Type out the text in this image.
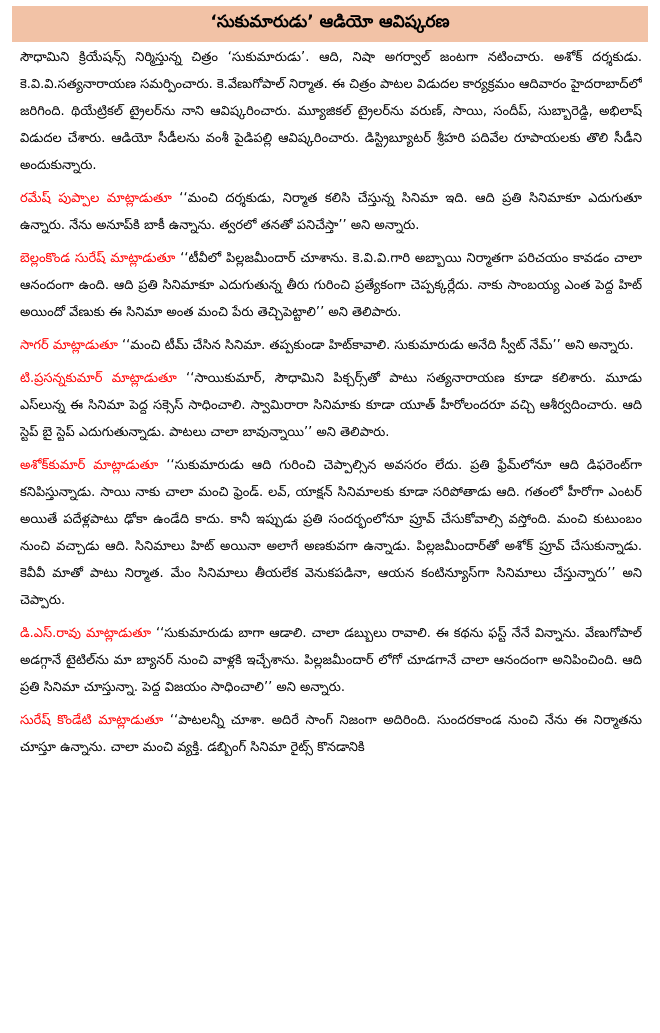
‘సుకుమారుడు’ ఆడియో ఆవిష్కరణ

సౌధామిని క్రియేషన్స్ నిర్మిస్తున్న చిత్రం ‘సుకుమారుడు’. ఆది, నిషా అగర్వాల్ జంటగా నటించారు. అశోక్ దర్శకుడు. కె.వి.వి.సత్యనారాయణ సమర్పించారు. కె.వేణుగోపాల్ నిర్మాత. ఈ చిత్రం పాటల విడుదల కార్యక్రమం ఆదివారం హైదరాబాద్‌లో జరిగింది. థియేట్రికల్ ట్రైలర్‌ను నాని ఆవిష్కరించారు. మ్యూజికల్ ట్రైలర్‌ను వరుణ్, సాయి, సందీప్, సుబ్బారెడ్డి, అభిలాష్ విడుదల చేశారు. ఆడియో సీడీలను వంశీ పైడిపల్లి ఆవిష్కరించారు. డిస్ట్రిబ్యూటర్ శ్రీహరి పదివేల రూపాయలకు తొలి సీడీని అందుకున్నారు.

రమేష్ పుప్పాల మాట్లాడుతూ ‘‘మంచి దర్శకుడు, నిర్మాత కలిసి చేస్తున్న సినిమా ఇది. ఆది ప్రతి సినిమాకూ ఎదుగుతూ ఉన్నారు. నేను అనూప్‌కి బాకీ ఉన్నాను. త్వరలో తనతో పనిచేస్తా’’ అని అన్నారు.

బెల్లంకొండ సురేష్ మాట్లాడుతూ ‘‘టీవీలో పిల్లజమీందార్ చూశాను. కె.వి.వి.గారి అబ్బాయి నిర్మాతగా పరిచయం కావడం చాలా ఆనందంగా ఉంది. ఆది ప్రతి సినిమాకూ ఎదుగుతున్న తీరు గురించి ప్రత్యేకంగా చెప్పక్కర్లేదు. నాకు సాంబయ్య ఎంత పెద్ద హిట్ అయిందో వేణుకు ఈ సినిమా అంత మంచి పేరు తెచ్చిపెట్టాలి’’ అని తెలిపారు.

సాగర్ మాట్లాడుతూ ‘‘మంచి టీమ్ చేసిన సినిమా. తప్పకుండా హిట్‌కావాలి. సుకుమారుడు అనేది స్వీట్ నేమ్’’ అని అన్నారు.

టి.ప్రసన్నకుమార్ మాట్లాడుతూ ‘‘సాయికుమార్, సౌధామిని పిక్చర్స్‌తో పాటు సత్యనారాయణ కూడా కలిశారు. మూడు ఎస్‌లున్న ఈ సినిమా పెద్ద సక్సెస్ సాధించాలి. స్వామిరారా సినిమాకు కూడా యూత్ హీరోలందరూ వచ్చి ఆశీర్వదించారు. ఆది స్టెప్ బై స్టెప్ ఎదుగుతున్నాడు. పాటలు చాలా బావున్నాయి’’ అని తెలిపారు.

అశోక్‌కుమార్ మాట్లాడుతూ ‘‘సుకుమారుడు ఆది గురించి చెప్పాల్సిన అవసరం లేదు. ప్రతి ఫ్రేమ్‌లోనూ ఆది డిఫరెంట్‌గా కనిపిస్తున్నాడు. సాయి నాకు చాలా మంచి ఫ్రెండ్. లవ్, యాక్షన్ సినిమాలకు కూడా సరిపోతాడు ఆది. గతంలో హీరోగా ఎంటర్ అయితే పదేళ్లపాటు ఢోకా ఉండేది కాదు. కానీ ఇప్పుడు ప్రతి సందర్భంలోనూ ప్రూవ్ చేసుకోవాల్సి వస్తోంది. మంచి కుటుంబం నుంచి వచ్చాడు ఆది. సినిమాలు హిట్ అయినా అలాగే అణకువగా ఉన్నాడు. పిల్లజమీందార్‌తో అశోక్ ప్రూవ్ చేసుకున్నాడు. కెవీవీ మాతో పాటు నిర్మాత. మేం సినిమాలు తీయలేక వెనుకపడినా, ఆయన కంటిన్యూస్‌గా సినిమాలు చేస్తున్నారు’’ అని చెప్పారు.

డి.ఎస్.రావు మాట్లాడుతూ ‘‘సుకుమారుడు బాగా ఆడాలి. చాలా డబ్బులు రావాలి. ఈ కథను ఫస్ట్ నేనే విన్నాను. వేణుగోపాల్ అడగ్గానే టైటిల్‌ను మా బ్యానర్ నుంచి వాళ్లకి ఇచ్చేశాను. పిల్లజమీందార్ లోగో చూడగానే చాలా ఆనందంగా అనిపించింది. ఆది ప్రతి సినిమా చూస్తున్నా. పెద్ద విజయం సాధించాలి’’ అని అన్నారు.

సురేష్ కొండేటి మాట్లాడుతూ ‘‘పాటలన్నీ చూశా. అదిరే సాంగ్ నిజంగా అదిరింది. సుందరకాండ నుంచి నేను ఈ నిర్మాతను చూస్తూ ఉన్నాను. చాలా మంచి వ్యక్తి. డబ్బింగ్ సినిమా రైట్స్ కొనడానికి
